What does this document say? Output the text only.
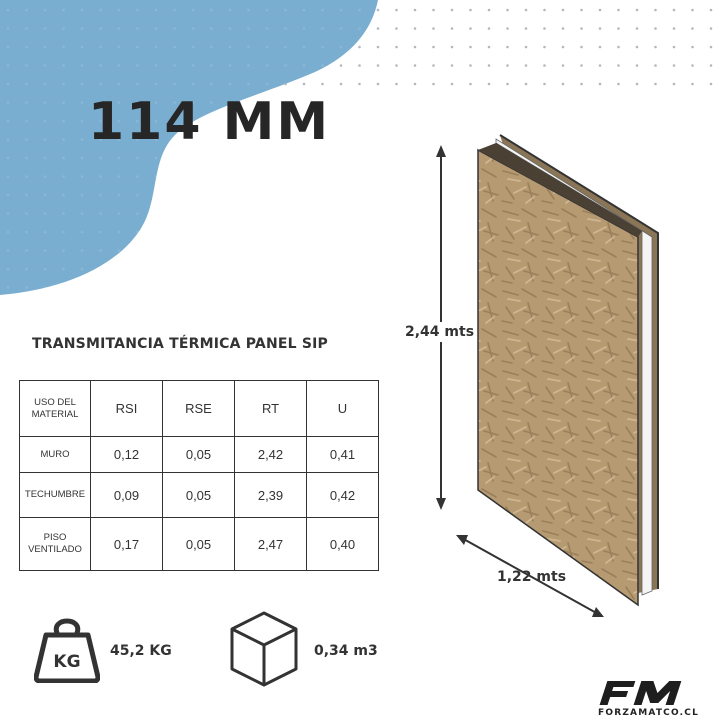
114 MM
TRANSMITANCIA TÉRMICA PANEL SIP
USO DEL
MATERIAL	RSI	RSE	RT	U
MURO	0,12	0,05	2,42	0,41
TECHUMBRE	0,09	0,05	2,39	0,42
PISO
VENTILADO	0,17	0,05	2,47	0,40
KG
45,2 KG	0,34 m3
2,44 mts
1,22 mts
FORZAMATCO.CL
